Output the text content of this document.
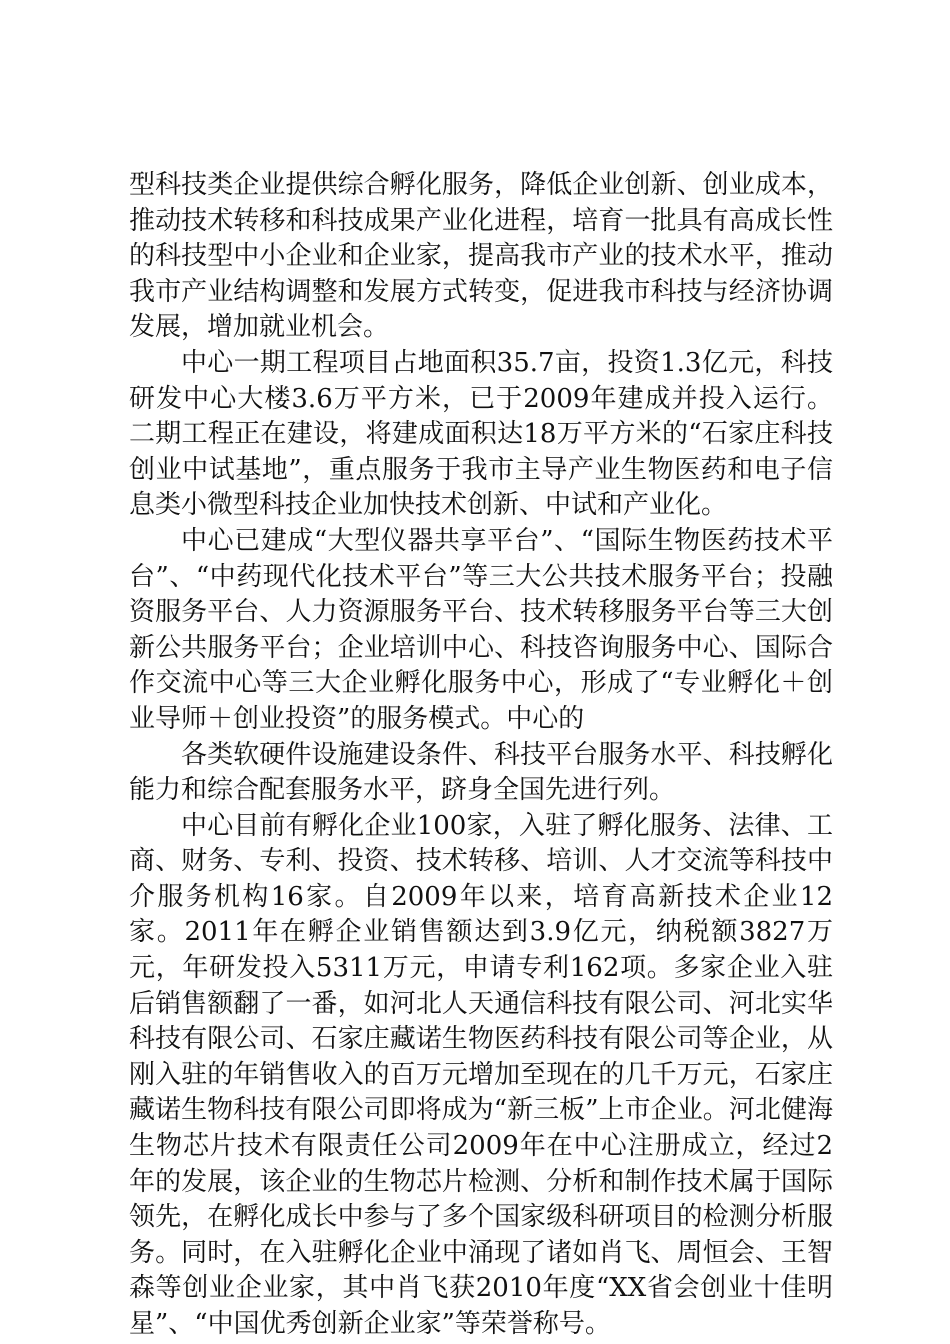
型科技类企业提供综合孵化服务，降低企业创新、创业成本，推动技术转移和科技成果产业化进程，培育一批具有高成长性的科技型中小企业和企业家，提高我市产业的技术水平，推动我市产业结构调整和发展方式转变，促进我市科技与经济协调发展，增加就业机会。

中心一期工程项目占地面积35.7亩，投资1.3亿元，科技研发中心大楼3.6万平方米，已于2009年建成并投入运行。二期工程正在建设，将建成面积达18万平方米的“石家庄科技创业中试基地”，重点服务于我市主导产业生物医药和电子信息类小微型科技企业加快技术创新、中试和产业化。

中心已建成“大型仪器共享平台”、“国际生物医药技术平台”、“中药现代化技术平台”等三大公共技术服务平台；投融资服务平台、人力资源服务平台、技术转移服务平台等三大创新公共服务平台；企业培训中心、科技咨询服务中心、国际合作交流中心等三大企业孵化服务中心，形成了“专业孵化＋创业导师＋创业投资”的服务模式。中心的

各类软硬件设施建设条件、科技平台服务水平、科技孵化能力和综合配套服务水平，跻身全国先进行列。

中心目前有孵化企业100家，入驻了孵化服务、法律、工商、财务、专利、投资、技术转移、培训、人才交流等科技中介服务机构16家。自2009年以来，培育高新技术企业12家。2011年在孵企业销售额达到3.9亿元，纳税额3827万元，年研发投入5311万元，申请专利162项。多家企业入驻后销售额翻了一番，如河北人天通信科技有限公司、河北实华科技有限公司、石家庄藏诺生物医药科技有限公司等企业，从刚入驻的年销售收入的百万元增加至现在的几千万元，石家庄藏诺生物科技有限公司即将成为“新三板”上市企业。河北健海生物芯片技术有限责任公司2009年在中心注册成立，经过2年的发展，该企业的生物芯片检测、分析和制作技术属于国际领先，在孵化成长中参与了多个国家级科研项目的检测分析服务。同时，在入驻孵化企业中涌现了诸如肖飞、周恒会、王智森等创业企业家，其中肖飞获2010年度“XX省会创业十佳明星”、“中国优秀创新企业家”等荣誉称号。
